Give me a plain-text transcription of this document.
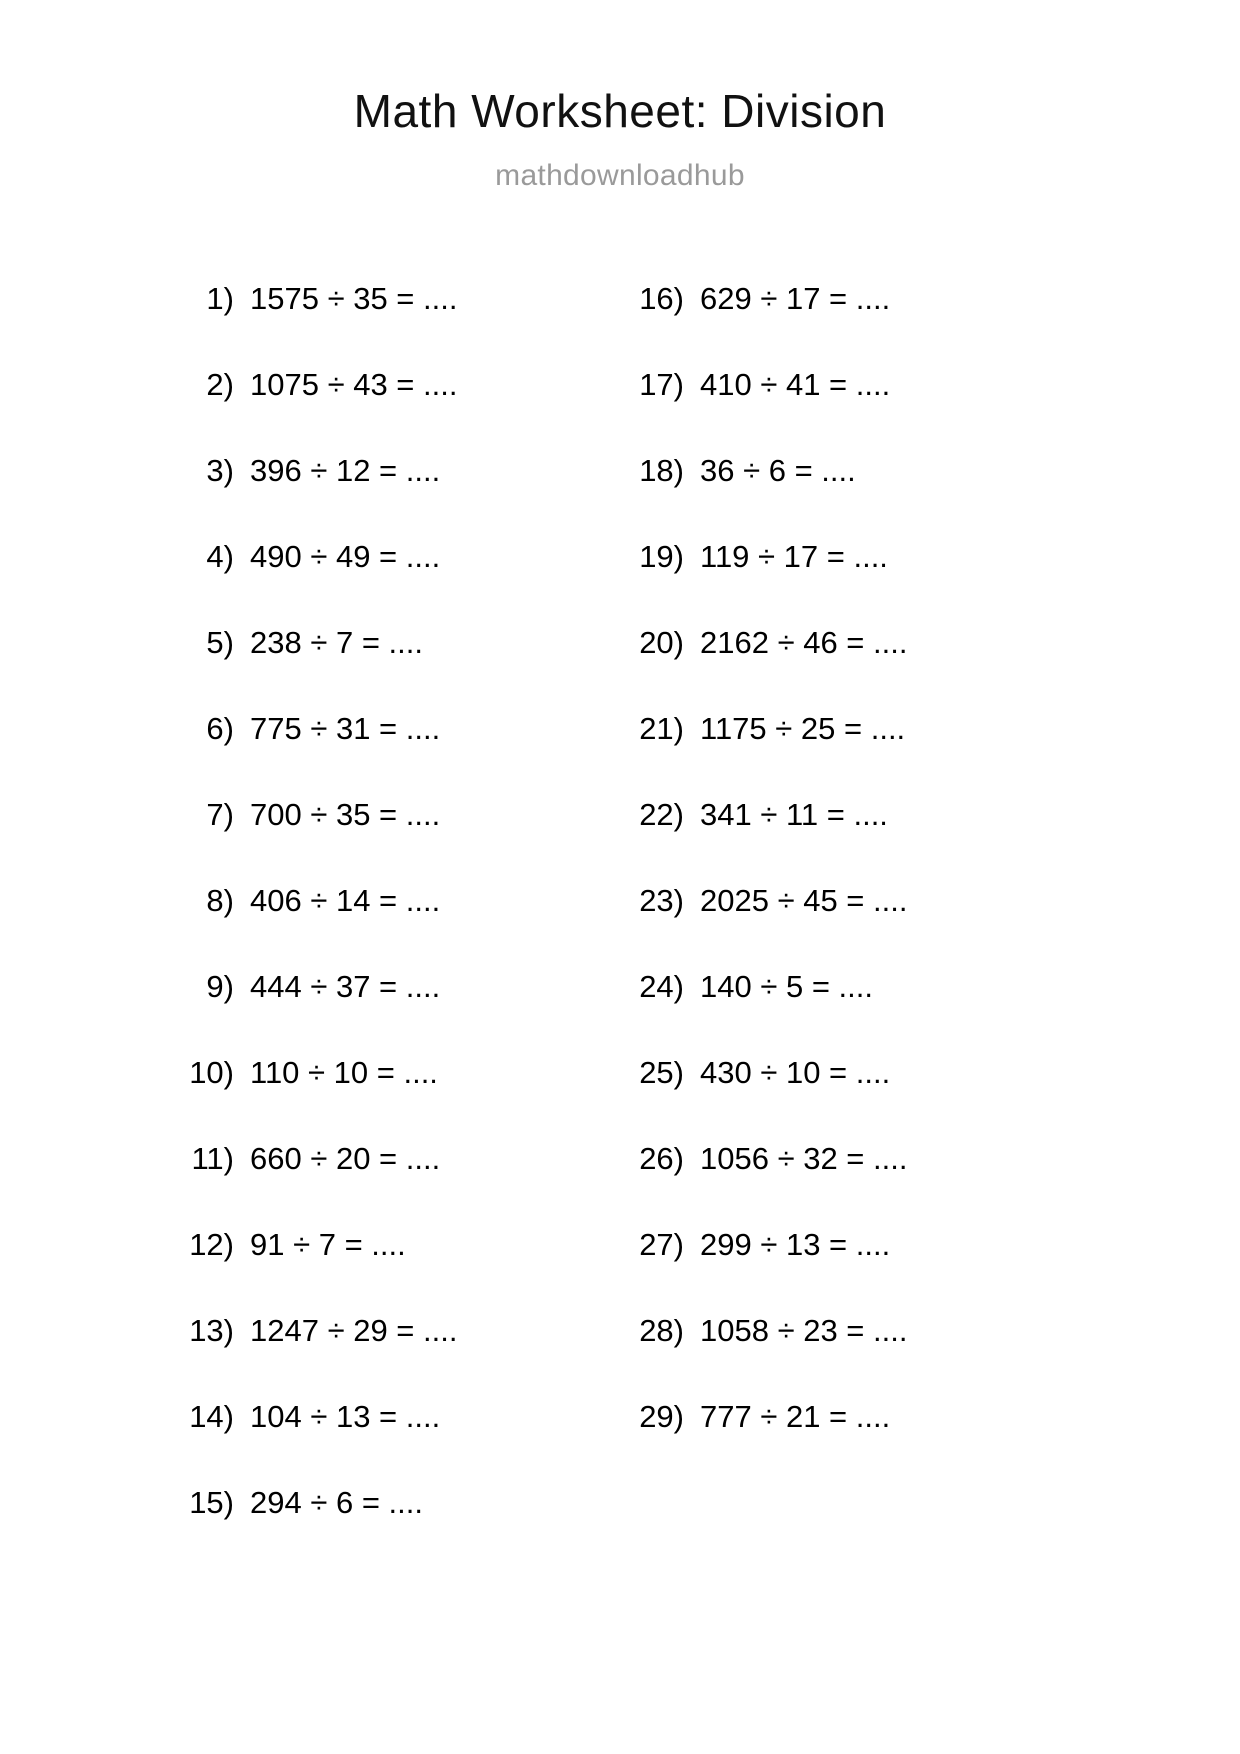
Math Worksheet: Division
mathdownloadhub
1) 1575 ÷ 35 = ....
2) 1075 ÷ 43 = ....
3) 396 ÷ 12 = ....
4) 490 ÷ 49 = ....
5) 238 ÷ 7 = ....
6) 775 ÷ 31 = ....
7) 700 ÷ 35 = ....
8) 406 ÷ 14 = ....
9) 444 ÷ 37 = ....
10) 110 ÷ 10 = ....
11) 660 ÷ 20 = ....
12) 91 ÷ 7 = ....
13) 1247 ÷ 29 = ....
14) 104 ÷ 13 = ....
15) 294 ÷ 6 = ....
16) 629 ÷ 17 = ....
17) 410 ÷ 41 = ....
18) 36 ÷ 6 = ....
19) 119 ÷ 17 = ....
20) 2162 ÷ 46 = ....
21) 1175 ÷ 25 = ....
22) 341 ÷ 11 = ....
23) 2025 ÷ 45 = ....
24) 140 ÷ 5 = ....
25) 430 ÷ 10 = ....
26) 1056 ÷ 32 = ....
27) 299 ÷ 13 = ....
28) 1058 ÷ 23 = ....
29) 777 ÷ 21 = ....
